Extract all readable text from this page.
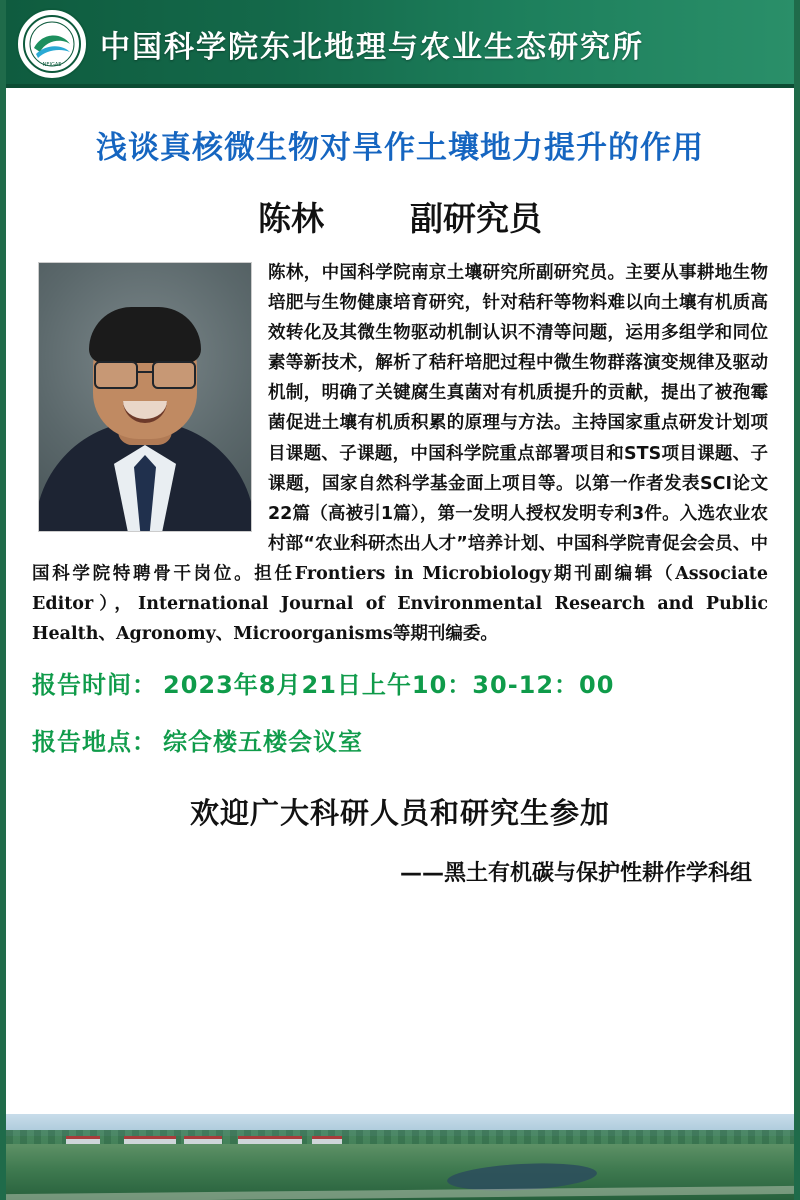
NEIGAE 中国科学院东北地理与农业生态研究所
浅谈真核微生物对旱作土壤地力提升的作用
陈林	副研究员
陈林，中国科学院南京土壤研究所副研究员。主要从事耕地生物培肥与生物健康培育研究，针对秸秆等物料难以向土壤有机质高效转化及其微生物驱动机制认识不清等问题，运用多组学和同位素等新技术，解析了秸秆培肥过程中微生物群落演变规律及驱动机制，明确了关键腐生真菌对有机质提升的贡献，提出了被孢霉菌促进土壤有机质积累的原理与方法。主持国家重点研发计划项目课题、子课题，中国科学院重点部署项目和STS项目课题、子课题，国家自然科学基金面上项目等。以第一作者发表SCI论文22篇（高被引1篇），第一发明人授权发明专利3件。入选农业农村部“农业科研杰出人才”培养计划、中国科学院青促会会员、中国科学院特聘骨干岗位。担任Frontiers in Microbiology期刊副编辑（Associate Editor），International Journal of Environmental Research and Public Health、Agronomy、Microorganisms等期刊编委。
报告时间： 2023年8月21日上午10：30-12：00
报告地点： 综合楼五楼会议室
欢迎广大科研人员和研究生参加
——黑土有机碳与保护性耕作学科组
